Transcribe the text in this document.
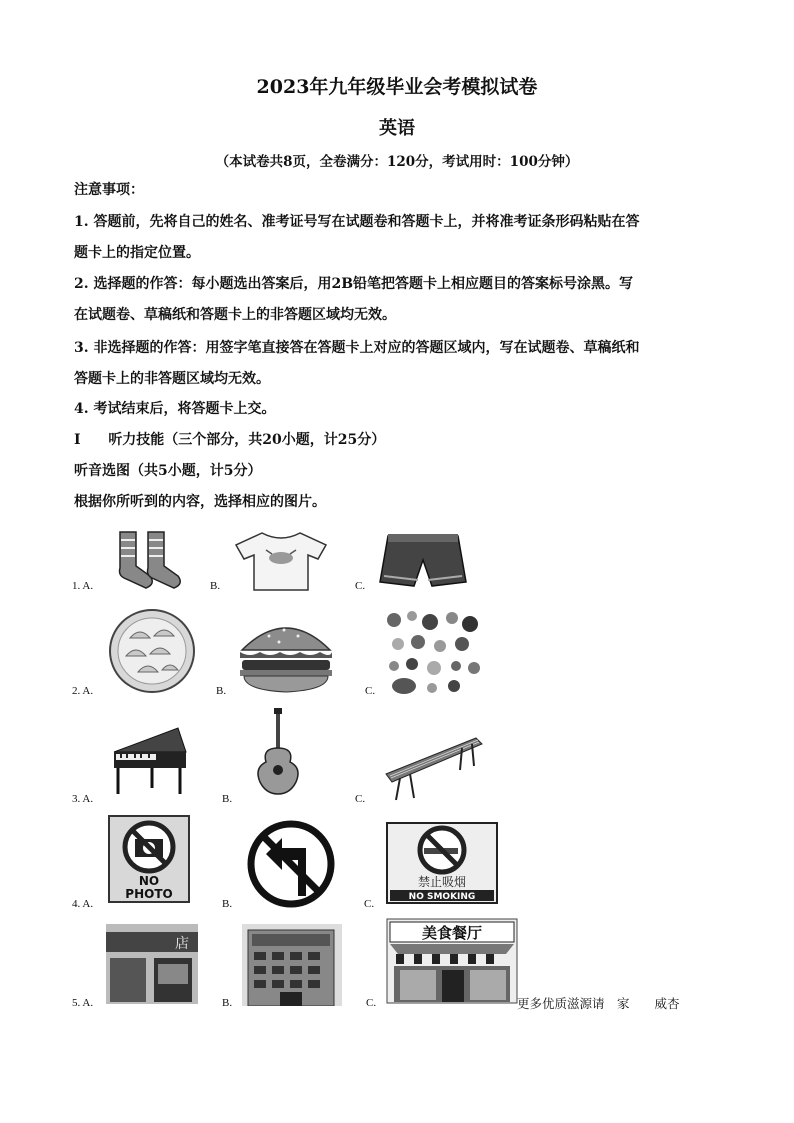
2023年九年级毕业会考模拟试卷
英语
（本试卷共8页，全卷满分：120分，考试用时：100分钟）
注意事项：
1. 答题前，先将自己的姓名、准考证号写在试题卷和答题卡上，并将准考证条形码粘贴在答
题卡上的指定位置。
2. 选择题的作答：每小题选出答案后，用2B铅笔把答题卡上相应题目的答案标号涂黑。写
在试题卷、草稿纸和答题卡上的非答题区域均无效。
3. 非选择题的作答：用签字笔直接答在答题卡上对应的答题区域内，写在试题卷、草稿纸和
答题卡上的非答题区域均无效。
4. 考试结束后，将答题卡上交。
I 听力技能（三个部分，共20小题，计25分）
听音选图（共5小题，计5分）
根据你所听到的内容，选择相应的图片。
1. A.	B.	C.
2. A.	B.	C.
3. A.	B.	C.
4. A.	B.	C.
5. A.	B.	C.	更多优质滋源请　家　　威杏
NO
PHOTO
禁止吸烟
NO SMOKING
店
美食餐厅
